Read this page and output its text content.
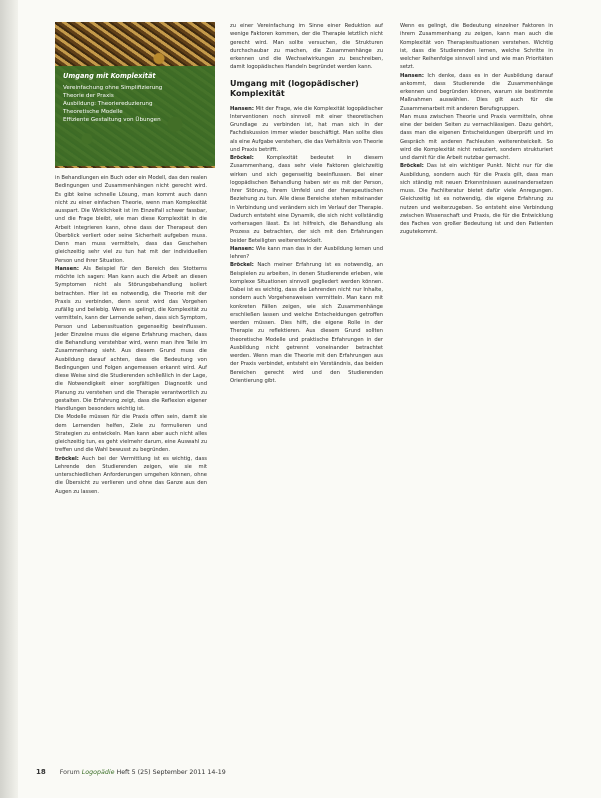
Umgang mit Komplexität
Vereinfachung ohne Simplifizierung
Theorie der Praxis
Ausbildung: Theoriereduzierung
Theoretische Modelle
Effiziente Gestaltung von Übungen

in Behandlungen ein Buch oder ein Modell, das den realen Bedingungen und Zusammenhängen nicht gerecht wird. Es gibt keine schnelle Lösung, man kommt auch dann nicht zu einer einfachen Theorie, wenn man Komplexität ausspart. Die Wirklichkeit ist im Einzelfall schwer fassbar, und die Frage bleibt, wie man diese Komplexität in die Arbeit integrieren kann, ohne dass der Therapeut den Überblick verliert oder seine Sicherheit aufgeben muss. Denn man muss vermitteln, dass das Geschehen gleichzeitig sehr viel zu tun hat mit der individuellen Person und ihrer Situation.

Hansen: Als Beispiel für den Bereich des Stotterns möchte ich sagen: Man kann auch die Arbeit an diesen Symptomen nicht als Störungsbehandlung isoliert betrachten. Hier ist es notwendig, die Theorie mit der Praxis zu verbinden, denn sonst wird das Vorgehen zufällig und beliebig. Wenn es gelingt, die Komplexität zu vermitteln, kann der Lernende sehen, dass sich Symptom, Person und Lebenssituation gegenseitig beeinflussen. Jeder Einzelne muss die eigene Erfahrung machen, dass die Behandlung verstehbar wird, wenn man ihre Teile im Zusammenhang sieht. Aus diesem Grund muss die Ausbildung darauf achten, dass die Bedeutung von Bedingungen und Folgen angemessen erkannt wird. Auf diese Weise sind die Studierenden schließlich in der Lage, die Notwendigkeit einer sorgfältigen Diagnostik und Planung zu verstehen und die Therapie verantwortlich zu gestalten. Die Erfahrung zeigt, dass die Reflexion eigener Handlungen besonders wichtig ist.

Die Modelle müssen für die Praxis offen sein, damit sie dem Lernenden helfen, Ziele zu formulieren und Strategien zu entwickeln. Man kann aber auch nicht alles gleichzeitig tun, es geht vielmehr darum, eine Auswahl zu treffen und die Wahl bewusst zu begründen.

Bröckel: Auch bei der Vermittlung ist es wichtig, dass Lehrende den Studierenden zeigen, wie sie mit unterschiedlichen Anforderungen umgehen können, ohne die Übersicht zu verlieren und ohne das Ganze aus den Augen zu lassen.

zu einer Vereinfachung im Sinne einer Reduktion auf wenige Faktoren kommen, der die Therapie letztlich nicht gerecht wird. Man sollte versuchen, die Strukturen durchschaubar zu machen, die Zusammenhänge zu erkennen und die Wechselwirkungen zu beschreiben, damit logopädisches Handeln begründet werden kann.

Umgang mit (logopädischer) Komplexität

Hansen: Mit der Frage, wie die Komplexität logopädischer Interventionen noch sinnvoll mit einer theoretischen Grundlage zu verbinden ist, hat man sich in der Fachdiskussion immer wieder beschäftigt. Man sollte dies als eine Aufgabe verstehen, die das Verhältnis von Theorie und Praxis betrifft.

Bröckel: Komplexität bedeutet in diesem Zusammenhang, dass sehr viele Faktoren gleichzeitig wirken und sich gegenseitig beeinflussen. Bei einer logopädischen Behandlung haben wir es mit der Person, ihrer Störung, ihrem Umfeld und der therapeutischen Beziehung zu tun. Alle diese Bereiche stehen miteinander in Verbindung und verändern sich im Verlauf der Therapie. Dadurch entsteht eine Dynamik, die sich nicht vollständig vorhersagen lässt. Es ist hilfreich, die Behandlung als Prozess zu betrachten, der sich mit den Erfahrungen beider Beteiligten weiterentwickelt.

Hansen: Wie kann man das in der Ausbildung lernen und lehren?

Bröckel: Nach meiner Erfahrung ist es notwendig, an Beispielen zu arbeiten, in denen Studierende erleben, wie komplexe Situationen sinnvoll gegliedert werden können. Dabei ist es wichtig, dass die Lehrenden nicht nur Inhalte, sondern auch Vorgehensweisen vermitteln. Man kann mit konkreten Fällen zeigen, wie sich Zusammenhänge erschließen lassen und welche Entscheidungen getroffen werden müssen. Dies hilft, die eigene Rolle in der Therapie zu reflektieren. Aus diesem Grund sollten theoretische Modelle und praktische Erfahrungen in der Ausbildung nicht getrennt voneinander betrachtet werden. Wenn man die Theorie mit den Erfahrungen aus der Praxis verbindet, entsteht ein Verständnis, das beiden Bereichen gerecht wird und den Studierenden Orientierung gibt.

Wenn es gelingt, die Bedeutung einzelner Faktoren in ihrem Zusammenhang zu zeigen, kann man auch die Komplexität von Therapiesituationen verstehen. Wichtig ist, dass die Studierenden lernen, welche Schritte in welcher Reihenfolge sinnvoll sind und wie man Prioritäten setzt.

Hansen: Ich denke, dass es in der Ausbildung darauf ankommt, dass Studierende die Zusammenhänge erkennen und begründen können, warum sie bestimmte Maßnahmen auswählen. Dies gilt auch für die Zusammenarbeit mit anderen Berufsgruppen.

Man muss zwischen Theorie und Praxis vermitteln, ohne eine der beiden Seiten zu vernachlässigen. Dazu gehört, dass man die eigenen Entscheidungen überprüft und im Gespräch mit anderen Fachleuten weiterentwickelt. So wird die Komplexität nicht reduziert, sondern strukturiert und damit für die Arbeit nutzbar gemacht.

Bröckel: Das ist ein wichtiger Punkt. Nicht nur für die Ausbildung, sondern auch für die Praxis gilt, dass man sich ständig mit neuen Erkenntnissen auseinandersetzen muss. Die Fachliteratur bietet dafür viele Anregungen. Gleichzeitig ist es notwendig, die eigene Erfahrung zu nutzen und weiterzugeben. So entsteht eine Verbindung zwischen Wissenschaft und Praxis, die für die Entwicklung des Faches von großer Bedeutung ist und den Patienten zugutekommt.

18 Forum Logopädie Heft 5 (25) September 2011 14-19
